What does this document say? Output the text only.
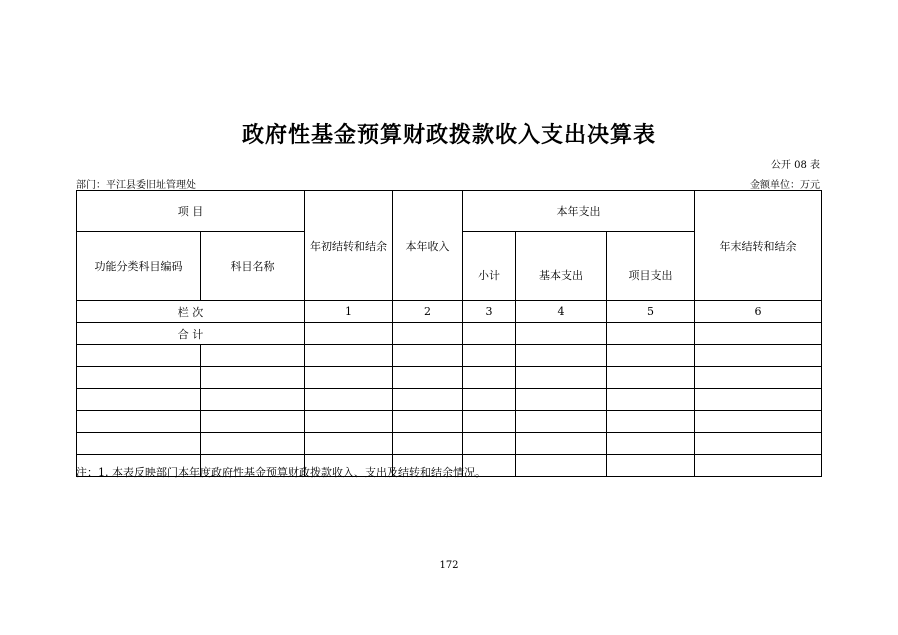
政府性基金预算财政拨款收入支出决算表
公开 08 表
部门：平江县委旧址管理处	金额单位：万元
项 目		年初结转和结余	本年收入	本年支出			年末结转和结余
功能分类科目编码	科目名称			小计	基本支出	项目支出	
栏 次		1	2	3	4	5	6
合 计							

注：1. 本表反映部门本年度政府性基金预算财政拨款收入、支出及结转和结余情况。
172
